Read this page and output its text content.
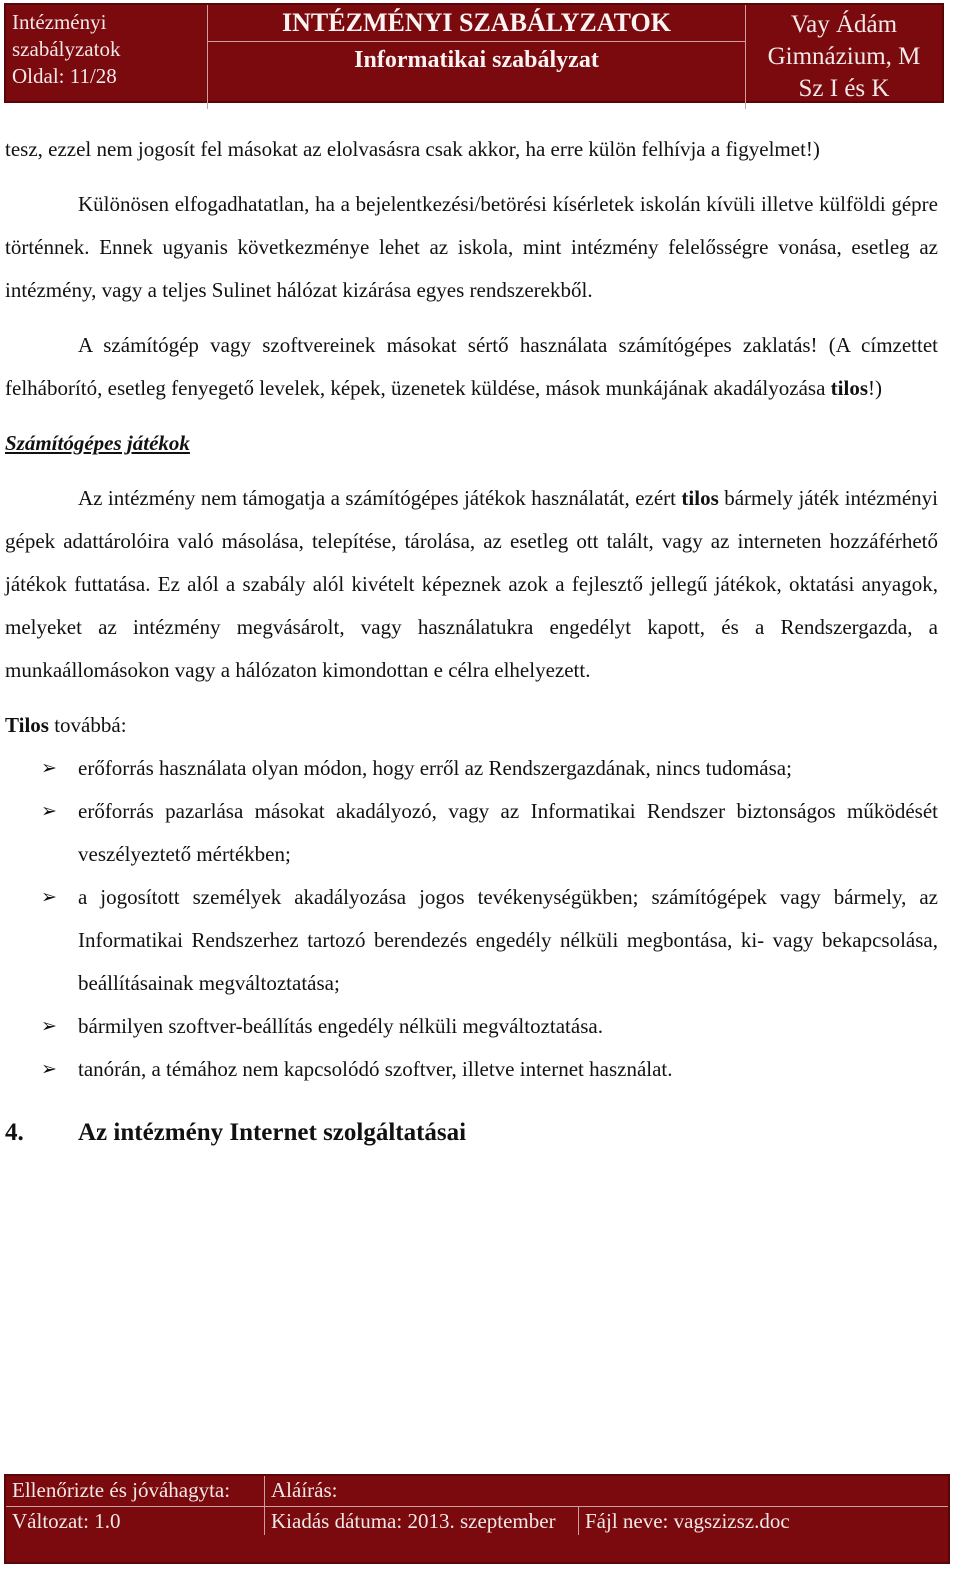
Intézményi
szabályzatok
Oldal: 11/28
INTÉZMÉNYI SZABÁLYZATOK
Informatikai szabályzat
Vay Ádám
Gimnázium, M
Sz I és K

tesz, ezzel nem jogosít fel másokat az elolvasásra csak akkor, ha erre külön felhívja a figyelmet!)

Különösen elfogadhatatlan, ha a bejelentkezési/betörési kísérletek iskolán kívüli illetve külföldi gépre történnek. Ennek ugyanis következménye lehet az iskola, mint intézmény felelősségre vonása, esetleg az intézmény, vagy a teljes Sulinet hálózat kizárása egyes rendszerekből.

A számítógép vagy szoftvereinek másokat sértő használata számítógépes zaklatás! (A címzettet felháborító, esetleg fenyegető levelek, képek, üzenetek küldése, mások munkájának akadályozása tilos!)

Számítógépes játékok

Az intézmény nem támogatja a számítógépes játékok használatát, ezért tilos bármely játék intézményi gépek adattárolóira való másolása, telepítése, tárolása, az esetleg ott talált, vagy az interneten hozzáférhető játékok futtatása. Ez alól a szabály alól kivételt képeznek azok a fejlesztő jellegű játékok, oktatási anyagok, melyeket az intézmény megvásárolt, vagy használatukra engedélyt kapott, és a Rendszergazda, a munkaállomásokon vagy a hálózaton kimondottan e célra elhelyezett.

Tilos továbbá:

➢ erőforrás használata olyan módon, hogy erről az Rendszergazdának, nincs tudomása;
➢ erőforrás pazarlása másokat akadályozó, vagy az Informatikai Rendszer biztonságos működését veszélyeztető mértékben;
➢ a jogosított személyek akadályozása jogos tevékenységükben; számítógépek vagy bármely, az Informatikai Rendszerhez tartozó berendezés engedély nélküli megbontása, ki- vagy bekapcsolása, beállításainak megváltoztatása;
➢ bármilyen szoftver-beállítás engedély nélküli megváltoztatása.
➢ tanórán, a témához nem kapcsolódó szoftver, illetve internet használat.
4.	Az intézmény Internet szolgáltatásai
Ellenőrizte és jóváhagyta:	Aláírás:
Változat: 1.0	Kiadás dátuma: 2013. szeptember	Fájl neve: vagszizsz.doc
